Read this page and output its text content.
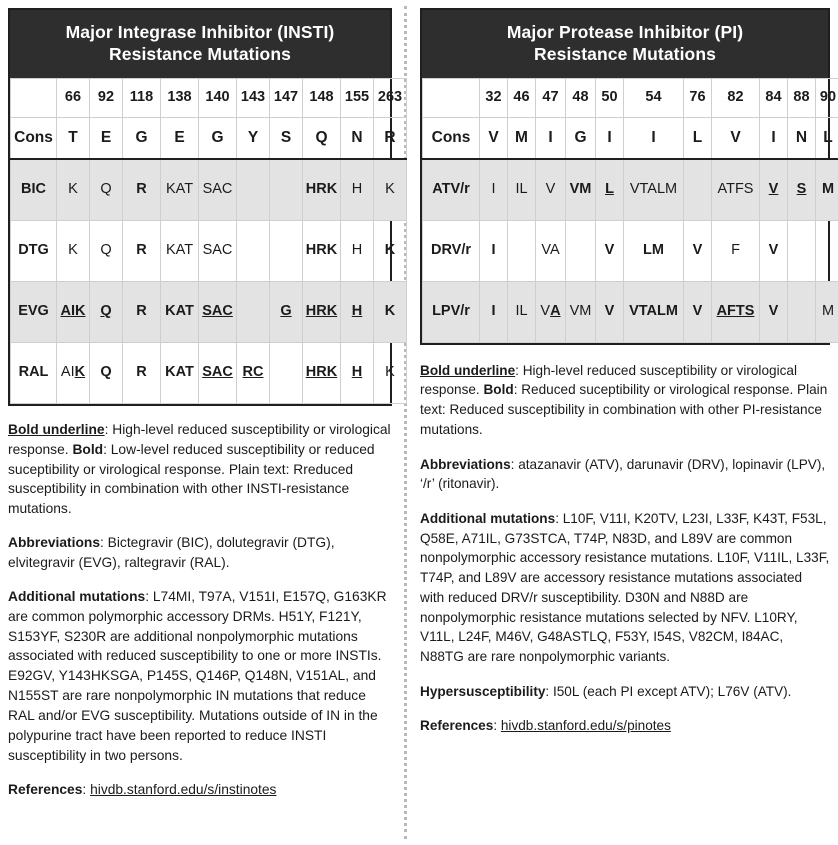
Major Integrase Inhibitor (INSTI)
Resistance Mutations
	66	92	118	138	140	143	147	148	155	263
Cons	T	E	G	E	G	Y	S	Q	N	R
BIC	K	Q	R	KAT	SAC			HRK	H	K
DTG	K	Q	R	KAT	SAC			HRK	H	K
EVG	AIK	Q	R	KAT	SAC		G	HRK	H	K
RAL	AIK	Q	R	KAT	SAC	RC		HRK	H	K

Bold underline: High-level reduced susceptibility or virological response. Bold: Low-level reduced susceptibility or reduced suceptibility or virological response. Plain text: Rreduced susceptibility in combination with other INSTI-resistance mutations.

Abbreviations: Bictegravir (BIC), dolutegravir (DTG), elvitegravir (EVG), raltegravir (RAL).

Additional mutations: L74MI, T97A, V151I, E157Q, G163KR are common polymorphic accessory DRMs. H51Y, F121Y, S153YF, S230R are additional nonpolymorphic mutations associated with reduced susceptibility to one or more INSTIs. E92GV, Y143HKSGA, P145S, Q146P, Q148N, V151AL, and N155ST are rare nonpolymorphic IN mutations that reduce RAL and/or EVG susceptibility. Mutations outside of IN in the polypurine tract have been reported to reduce INSTI susceptibility in two persons.

References: hivdb.stanford.edu/s/instinotes

Major Protease Inhibitor (PI)
Resistance Mutations
	32	46	47	48	50	54	76	82	84	88	90
Cons	V	M	I	G	I	I	L	V	I	N	L
ATV/r	I	IL	V	VM	L	VTALM		ATFS	V	S	M
DRV/r	I		VA		V	LM	V	F	V		
LPV/r	I	IL	VA	VM	V	VTALM	V	AFTS	V		M

Bold underline: High-level reduced susceptibility or virological response. Bold: Reduced suceptibility or virological response. Plain text: Reduced susceptibility in combination with other PI-resistance mutations.

Abbreviations: atazanavir (ATV), darunavir (DRV), lopinavir (LPV), ‘/r’ (ritonavir).

Additional mutations: L10F, V11I, K20TV, L23I, L33F, K43T, F53L, Q58E, A71IL, G73STCA, T74P, N83D, and L89V are common nonpolymorphic accessory resistance mutations. L10F, V11IL, L33F, T74P, and L89V are accessory resistance mutations associated with reduced DRV/r susceptibility. D30N and N88D are nonpolymorphic resistance mutations selected by NFV. L10RY, V11L, L24F, M46V, G48ASTLQ, F53Y, I54S, V82CM, I84AC, N88TG are rare nonpolymorphic variants.

Hypersusceptibility: I50L (each PI except ATV); L76V (ATV).

References: hivdb.stanford.edu/s/pinotes
